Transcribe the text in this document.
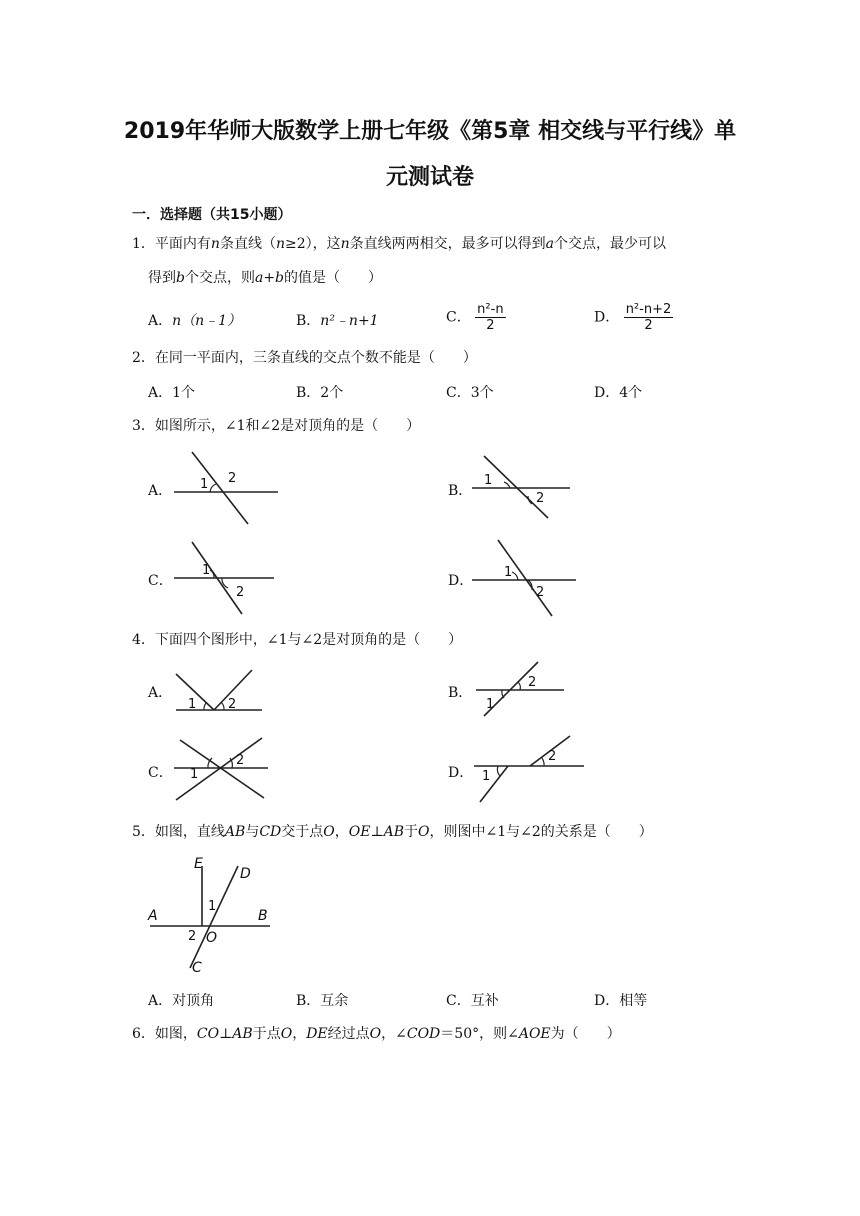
2019年华师大版数学上册七年级《第5章 相交线与平行线》单
元测试卷
一．选择题（共15小题）
1．平面内有n条直线（n≥2），这n条直线两两相交，最多可以得到a个交点，最少可以
得到b个交点，则a+b的值是（　　）
A．n（n﹣1）	B．n²﹣n+1	C． $\frac{\text{n²-n}}{2}$	D． $\frac{\text{n²-n+2}}{2}$
2．在同一平面内，三条直线的交点个数不能是（　　）
A．1个	B．2个	C．3个	D．4个
3．如图所示，∠1和∠2是对顶角的是（　　）
A． 1 2
B．
1
2
C．
1
2
D．
1
2
4．下面四个图形中，∠1与∠2是对顶角的是（　　）
A．
1 2
B．
1
2
C． 1
2
D． 1
2
5．如图，直线AB与CD交于点O，OE⊥AB于O，则图中∠1与∠2的关系是（　　）
E
D
A	B
O
C
1
2
A．对顶角	B．互余	C．互补	D．相等
6．如图，CO⊥AB于点O，DE经过点O，∠COD＝50°，则∠AOE为（　　）
